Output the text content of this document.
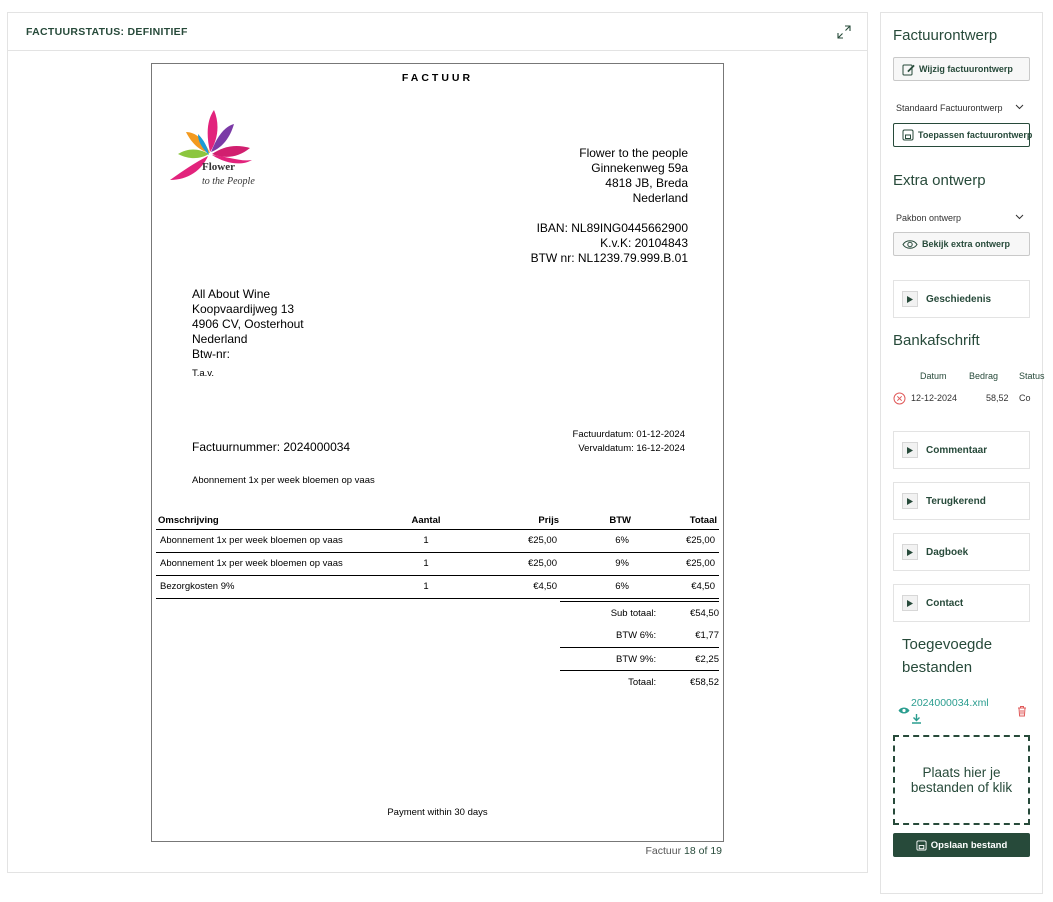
FACTUURSTATUS: DEFINITIEF
FACTUUR
Flower
to the People
Flower to the people
Ginnekenweg 59a
4818 JB, Breda
Nederland
IBAN: NL89ING0445662900
K.v.K: 20104843
BTW nr: NL1239.79.999.B.01
All About Wine
Koopvaardijweg 13
4906 CV, Oosterhout
Nederland
Btw-nr:
T.a.v.
Factuurnummer: 2024000034
Factuurdatum: 01-12-2024
Vervaldatum: 16-12-2024
Abonnement 1x per week bloemen op vaas
Omschrijving	Aantal	Prijs	BTW	Totaal
Abonnement 1x per week bloemen op vaas	1	€25,00	6%	€25,00
Abonnement 1x per week bloemen op vaas	1	€25,00	9%	€25,00
Bezorgkosten 9%	1	€4,50	6%	€4,50
Sub totaal:	€54,50
BTW 6%:	€1,77
BTW 9%:	€2,25
Totaal:	€58,52
Payment within 30 days
Factuur 18 of 19
Factuurontwerp
Wijzig factuurontwerp
Standaard Factuurontwerp
Toepassen factuurontwerp
Extra ontwerp
Pakbon ontwerp
Bekijk extra ontwerp
Geschiedenis
Bankafschrift
Datum Bedrag Status
12-12-2024	58,52 Co
Commentaar
Terugkerend
Dagboek
Contact
Toegevoegde
bestanden
2024000034.xml
Plaats hier je bestanden of klik
Opslaan bestand
